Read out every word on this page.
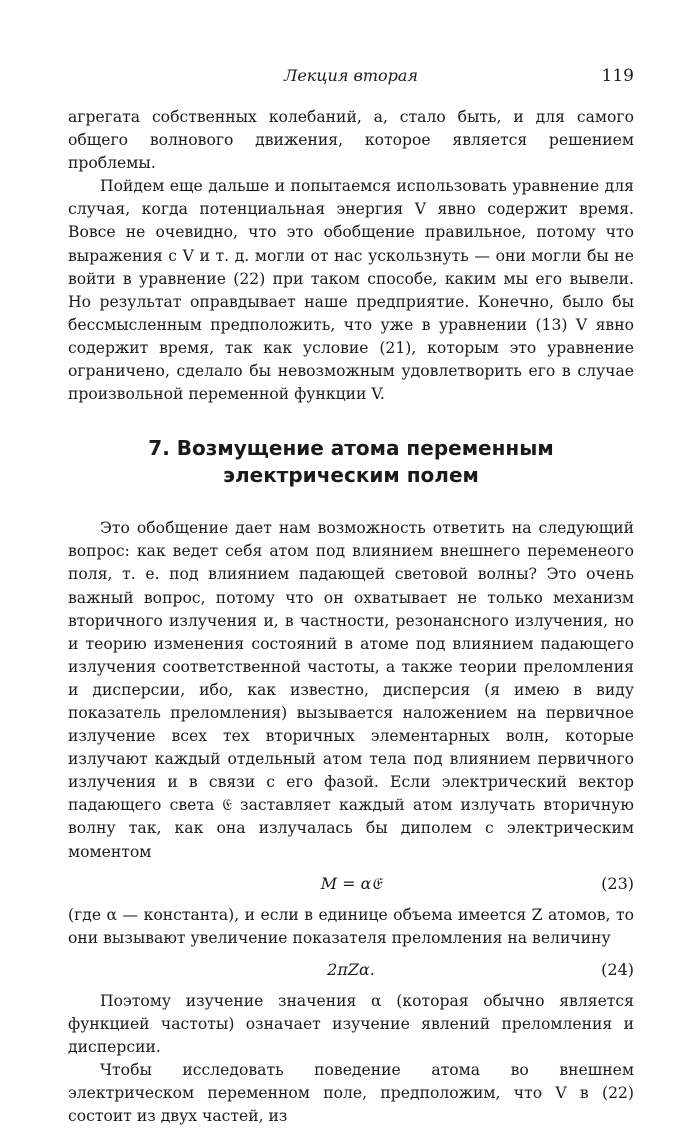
Лекция вторая	119

агрегата собственных колебаний, а, стало быть, и для самого общего волнового движения, которое является решением проблемы.

Пойдем еще дальше и попытаемся использовать уравнение для случая, когда потенциальная энергия V явно содержит время. Вовсе не очевидно, что это обобщение правильное, потому что выражения с V и т. д. могли от нас ускользнуть — они могли бы не войти в уравнение (22) при таком способе, каким мы его вывели. Но результат оправдывает наше предприятие. Конечно, было бы бессмысленным предположить, что уже в уравнении (13) V явно содержит время, так как условие (21), которым это уравнение ограничено, сделало бы невозможным удовлетворить его в случае произвольной переменной функции V.

7. Возмущение атома переменным электрическим полем

Это обобщение дает нам возможность ответить на следующий вопрос: как ведет себя атом под влиянием внешнего переменеого поля, т. е. под влиянием падающей световой волны? Это очень важный вопрос, потому что он охватывает не только механизм вторичного излучения и, в частности, резонансного излучения, но и теорию изменения состояний в атоме под влиянием падающего излучения соответственной частоты, а также теории преломления и дисперсии, ибо, как известно, дисперсия (я имею в виду показатель преломления) вызывается наложением на первичное излучение всех тех вторичных элементарных волн, которые излучают каждый отдельный атом тела под влиянием первичного излучения и в связи с его фазой. Если электрический вектор падающего света 𝔈 заставляет каждый атом излучать вторичную волну так, как она излучалась бы диполем с электрическим моментом

M = α𝔈	(23)

(где α — константа), и если в единице объема имеется Z атомов, то они вызывают увеличение показателя преломления на величину

2πZα.	(24)

Поэтому изучение значения α (которая обычно является функцией частоты) означает изучение явлений преломления и дисперсии.

Чтобы исследовать поведение атома во внешнем электрическом переменном поле, предположим, что V в (22) состоит из двух частей, из
